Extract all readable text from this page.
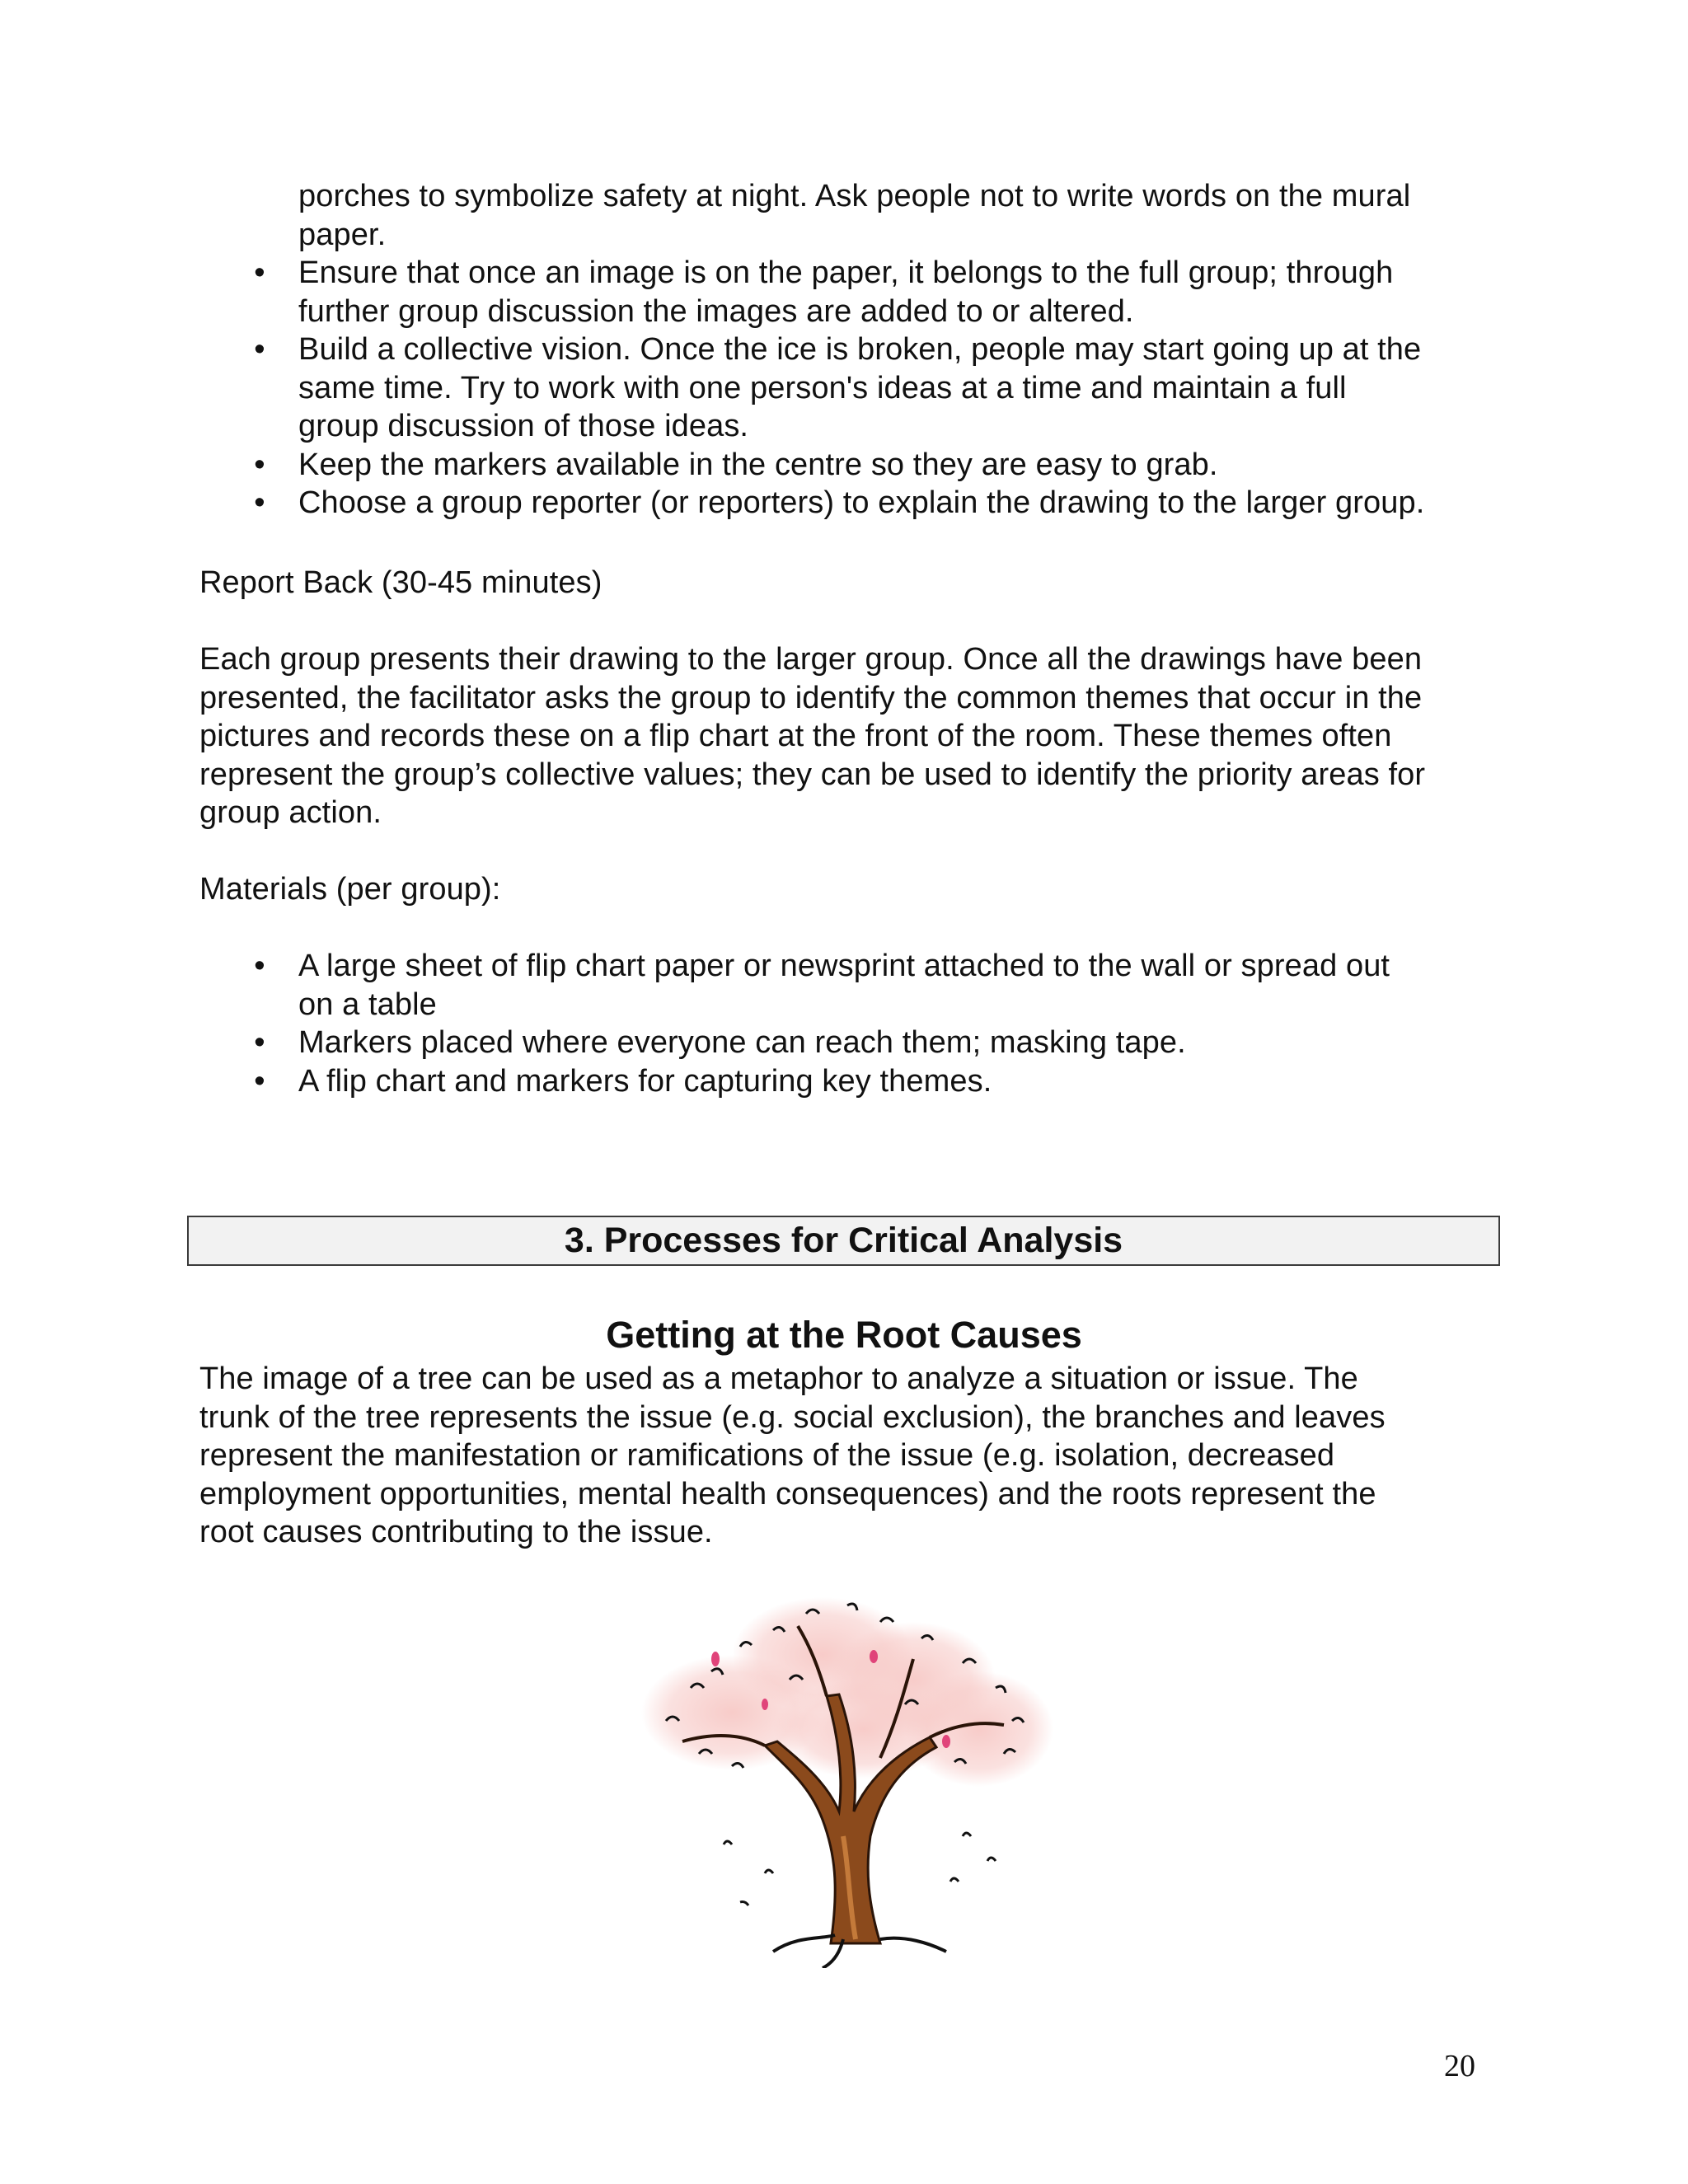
porches to symbolize safety at night. Ask people not to write words on the mural
paper.
• Ensure that once an image is on the paper, it belongs to the full group; through
further group discussion the images are added to or altered.
• Build a collective vision. Once the ice is broken, people may start going up at the
same time. Try to work with one person's ideas at a time and maintain a full
group discussion of those ideas.
• Keep the markers available in the centre so they are easy to grab.
• Choose a group reporter (or reporters) to explain the drawing to the larger group.
Report Back (30-45 minutes)
Each group presents their drawing to the larger group. Once all the drawings have been
presented, the facilitator asks the group to identify the common themes that occur in the
pictures and records these on a flip chart at the front of the room. These themes often
represent the group’s collective values; they can be used to identify the priority areas for
group action.
Materials (per group):
• A large sheet of flip chart paper or newsprint attached to the wall or spread out
on a table
• Markers placed where everyone can reach them; masking tape.
• A flip chart and markers for capturing key themes.
3. Processes for Critical Analysis
Getting at the Root Causes
The image of a tree can be used as a metaphor to analyze a situation or issue. The
trunk of the tree represents the issue (e.g. social exclusion), the branches and leaves
represent the manifestation or ramifications of the issue (e.g. isolation, decreased
employment opportunities, mental health consequences) and the roots represent the
root causes contributing to the issue.
20
